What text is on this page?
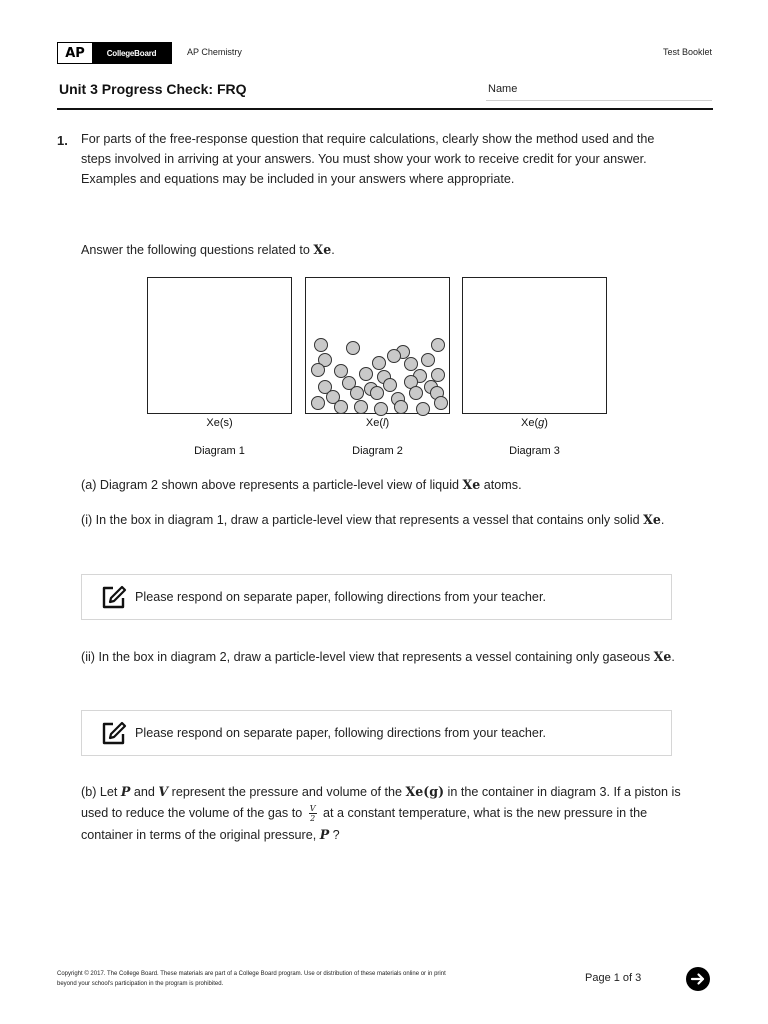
AP	CollegeBoard	AP Chemistry	Test Booklet
Unit 3 Progress Check: FRQ	Name
1. For parts of the free-response question that require calculations, clearly show the method used and the steps involved in arriving at your answers. You must show your work to receive credit for your answer. Examples and equations may be included in your answers where appropriate.
Answer the following questions related to Xe.
Xe(s)	Xe(l)	Xe(g)
Diagram 1	Diagram 2	Diagram 3
(a) Diagram 2 shown above represents a particle-level view of liquid Xe atoms.
(i) In the box in diagram 1, draw a particle-level view that represents a vessel that contains only solid Xe.
Please respond on separate paper, following directions from your teacher.
(ii) In the box in diagram 2, draw a particle-level view that represents a vessel containing only gaseous Xe.
Please respond on separate paper, following directions from your teacher.
(b) Let P and V represent the pressure and volume of the Xe(g) in the container in diagram 3. If a piston is used to reduce the volume of the gas to $\frac{V}{2}$ at a constant temperature, what is the new pressure in the container in terms of the original pressure, P ?
Copyright © 2017. The College Board. These materials are part of a College Board program. Use or distribution of these materials online or in print
beyond your school's participation in the program is prohibited.	Page 1 of 3
